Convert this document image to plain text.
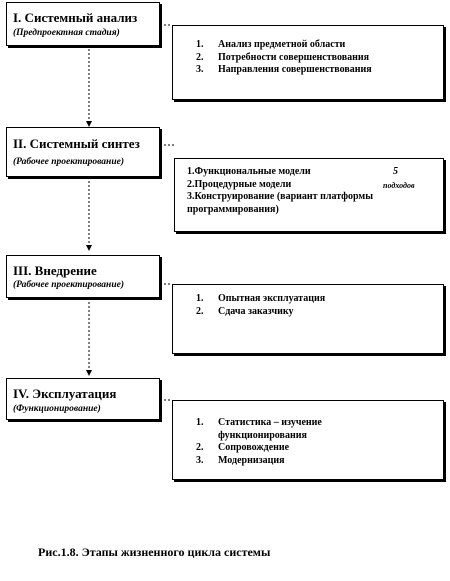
I. Системный анализ
(Предпроектная стадия)
1. Анализ предметной области
2. Потребности совершенствования
3. Направления совершенствования
II. Системный синтез
(Рабочее проектирование)
1.Функциональные модели	5
2.Процедурные модели	подходов
3.Конструирование (вариант платформы программирования)
III. Внедрение
(Рабочее проектирование)
1. Опытная эксплуатация
2. Сдача заказчику
IV. Эксплуатация
(Функционирование)
1. Статистика – изучение функционирования
2. Сопровождение
3. Модернизация
Рис.1.8. Этапы жизненного цикла системы
